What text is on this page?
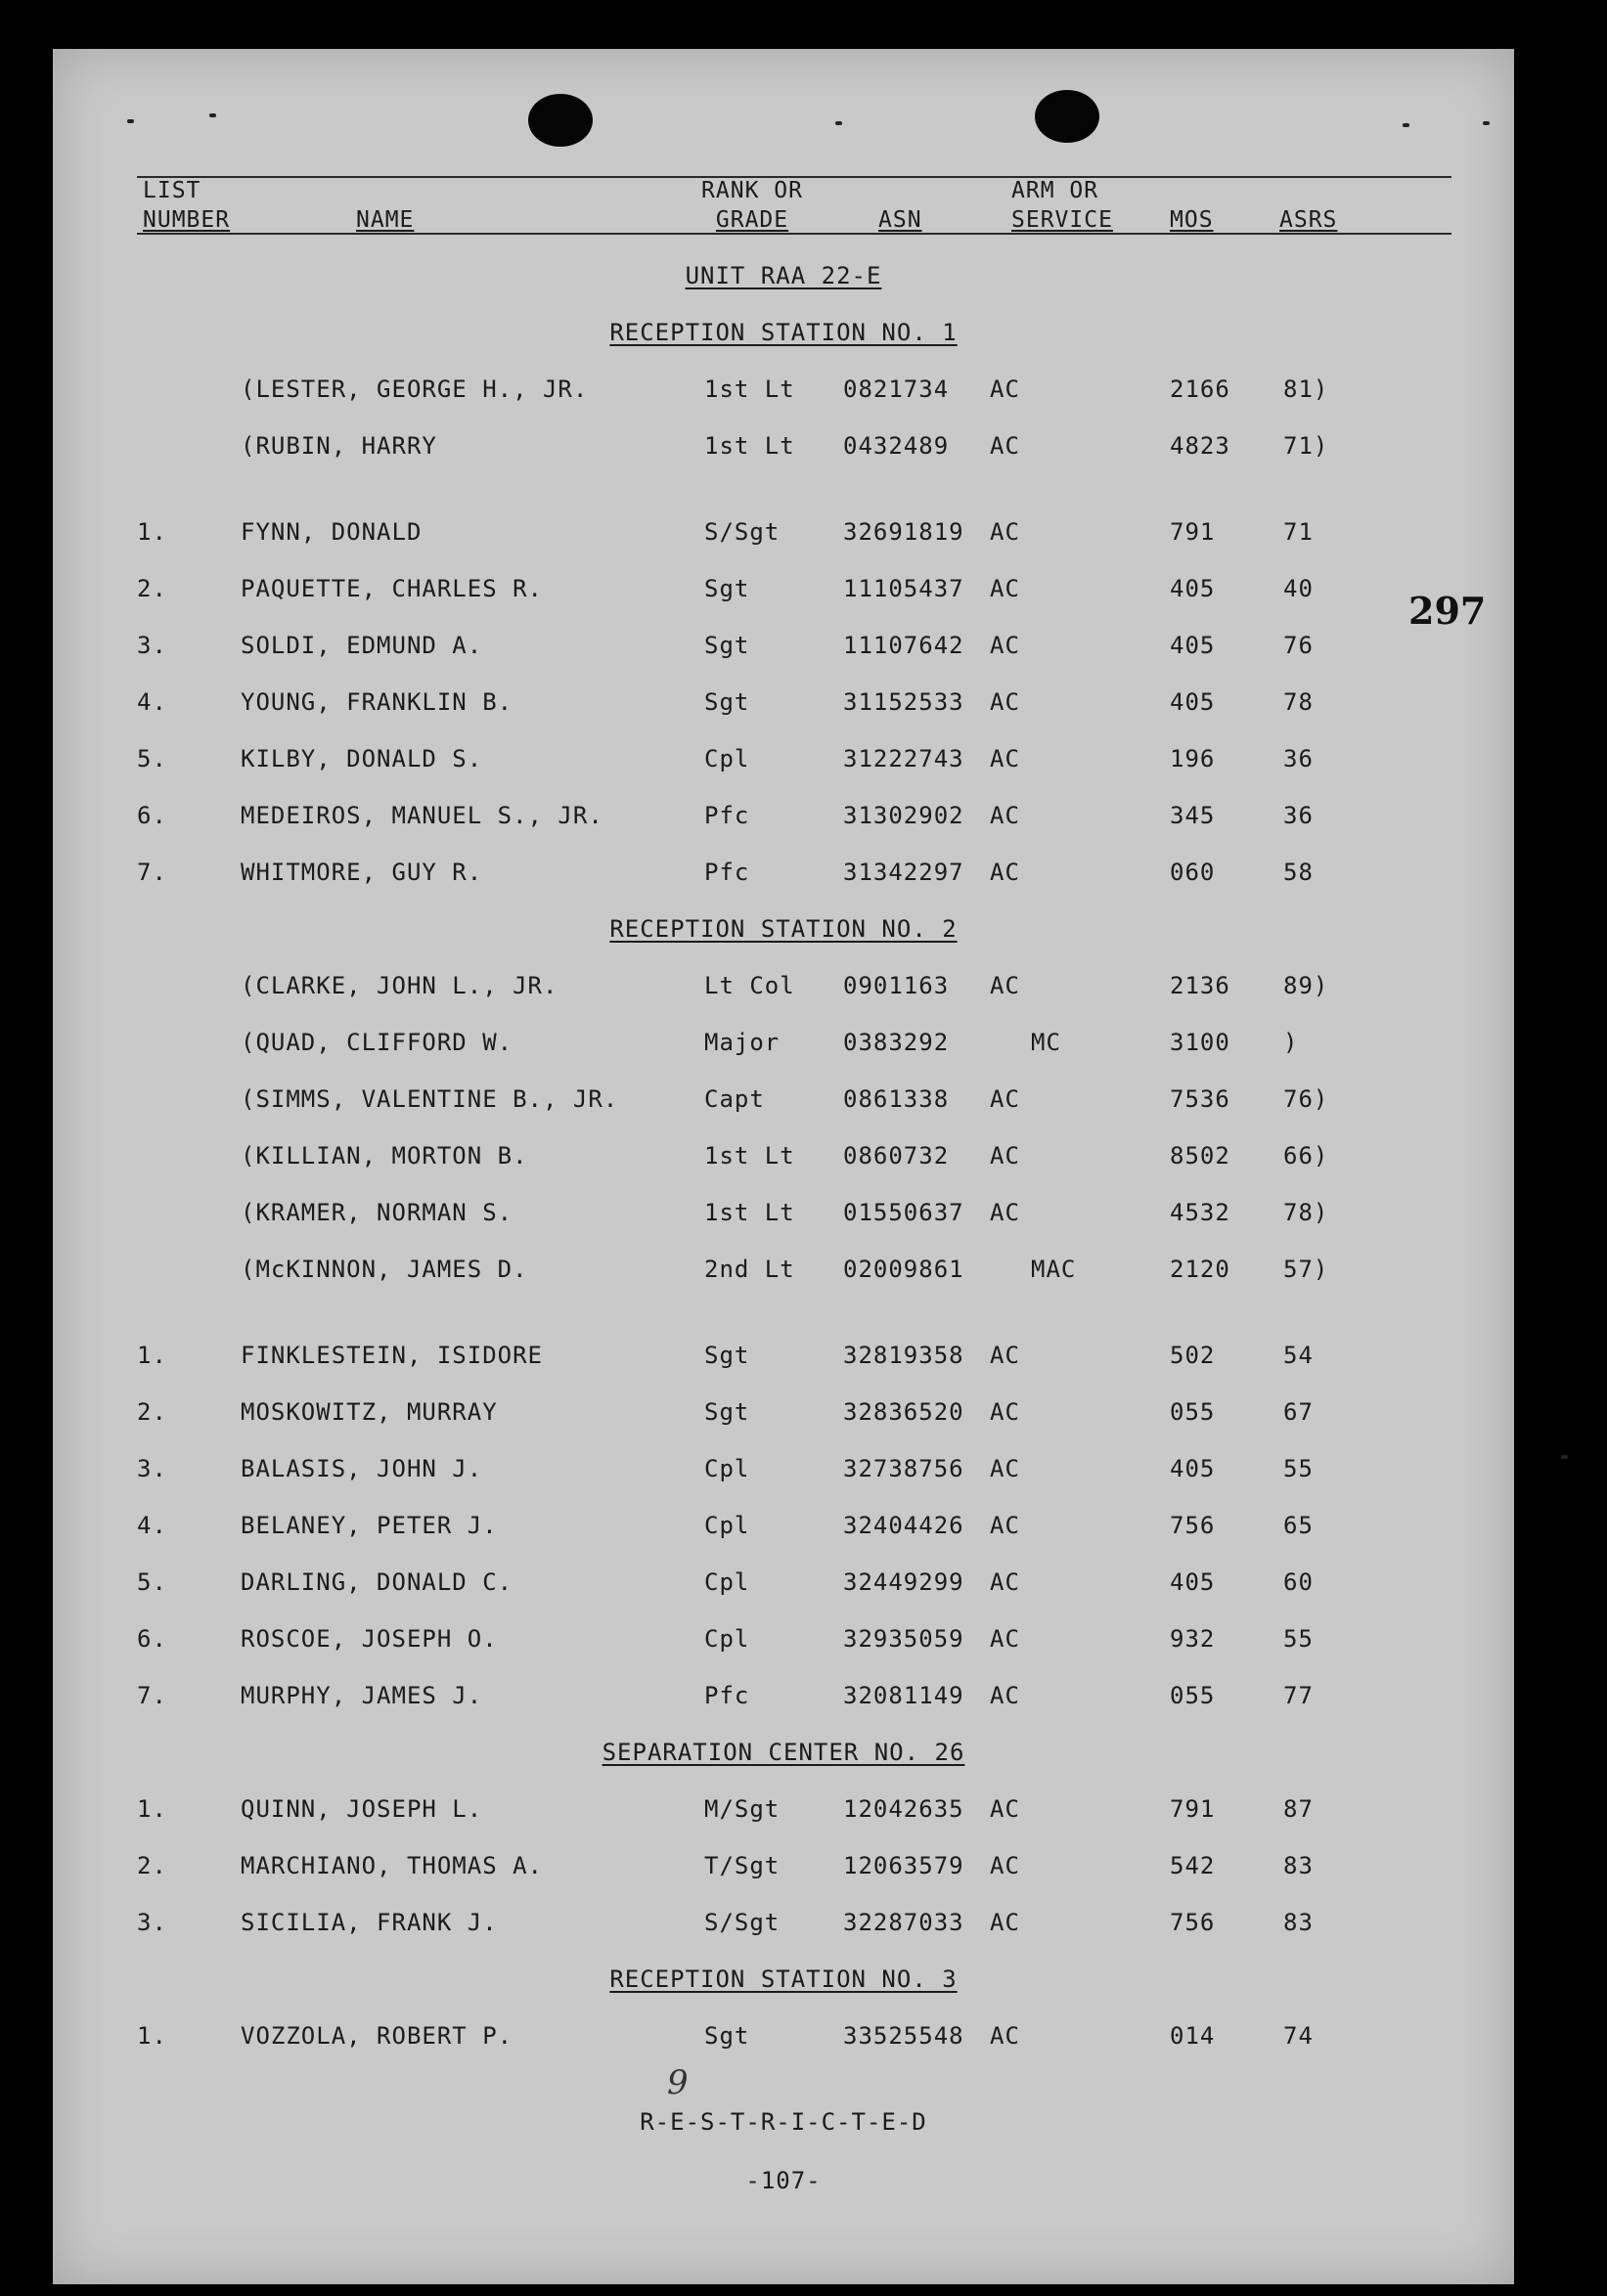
LIST
NUMBER	NAME
RANK OR
GRADE	ASN
ARM OR
SERVICE	MOS	ASRS
UNIT RAA 22-E
RECEPTION STATION NO. 1
(LESTER, GEORGE H., JR.	1st Lt 0821734 AC	2166 81)
(RUBIN, HARRY	1st Lt 0432489 AC	4823 71)
1.	FYNN, DONALD	S/Sgt	32691819 AC	791	71
2.	PAQUETTE, CHARLES R.	Sgt	11105437 AC	405	40
3.	SOLDI, EDMUND A.	Sgt	11107642 AC	405	76
4.	YOUNG, FRANKLIN B.	Sgt	31152533 AC	405	78
5.	KILBY, DONALD S.	Cpl	31222743 AC	196	36
6.	MEDEIROS, MANUEL S., JR.	Pfc	31302902 AC	345	36
7.	WHITMORE, GUY R.	Pfc	31342297 AC	060	58
RECEPTION STATION NO. 2
(CLARKE, JOHN L., JR.	Lt Col 0901163 AC	2136 89)
(QUAD, CLIFFORD W.	Major	0383292	MC	3100 )
(SIMMS, VALENTINE B., JR.	Capt	0861338 AC	7536 76)
(KILLIAN, MORTON B.	1st Lt 0860732 AC	8502 66)
(KRAMER, NORMAN S.	1st Lt 01550637 AC	4532 78)
(McKINNON, JAMES D.	2nd Lt 02009861	MAC	2120 57)
1.	FINKLESTEIN, ISIDORE	Sgt	32819358 AC	502	54
2.	MOSKOWITZ, MURRAY	Sgt	32836520 AC	055	67
3.	BALASIS, JOHN J.	Cpl	32738756 AC	405	55
4.	BELANEY, PETER J.	Cpl	32404426 AC	756	65
5.	DARLING, DONALD C.	Cpl	32449299 AC	405	60
6.	ROSCOE, JOSEPH O.	Cpl	32935059 AC	932	55
7.	MURPHY, JAMES J.	Pfc	32081149 AC	055	77
SEPARATION CENTER NO. 26
1.	QUINN, JOSEPH L.	M/Sgt	12042635 AC	791	87
2.	MARCHIANO, THOMAS A.	T/Sgt	12063579 AC	542	83
3.	SICILIA, FRANK J.	S/Sgt	32287033 AC	756	83
RECEPTION STATION NO. 3
1.	VOZZOLA, ROBERT P.	Sgt	33525548 AC	014	74
297
9
R-E-S-T-R-I-C-T-E-D
-107-
